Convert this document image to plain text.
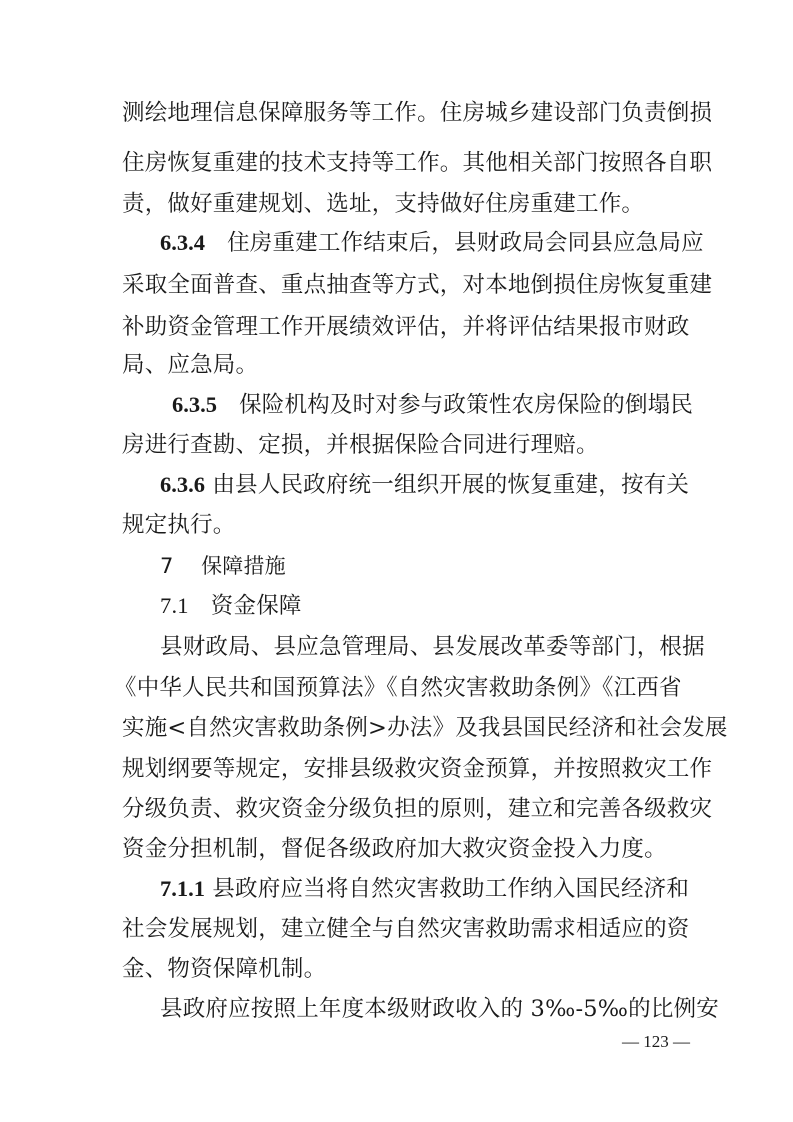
测绘地理信息保障服务等工作。住房城乡建设部门负责倒损
住房恢复重建的技术支持等工作。其他相关部门按照各自职
责，做好重建规划、选址，支持做好住房重建工作。
6.3.4 住房重建工作结束后，县财政局会同县应急局应
采取全面普查、重点抽查等方式，对本地倒损住房恢复重建
补助资金管理工作开展绩效评估，并将评估结果报市财政
局、应急局。
6.3.5 保险机构及时对参与政策性农房保险的倒塌民
房进行查勘、定损，并根据保险合同进行理赔。
6.3.6 由县人民政府统一组织开展的恢复重建，按有关
规定执行。
7 保障措施
7.1 资金保障
县财政局、县应急管理局、县发展改革委等部门，根据
《中华人民共和国预算法》《自然灾害救助条例》《江西省
实施<自然灾害救助条例>办法》及我县国民经济和社会发展
规划纲要等规定，安排县级救灾资金预算，并按照救灾工作
分级负责、救灾资金分级负担的原则，建立和完善各级救灾
资金分担机制，督促各级政府加大救灾资金投入力度。
7.1.1 县政府应当将自然灾害救助工作纳入国民经济和
社会发展规划，建立健全与自然灾害救助需求相适应的资
金、物资保障机制。
县政府应按照上年度本级财政收入的 3‰-5‰的比例安
— 123 —
